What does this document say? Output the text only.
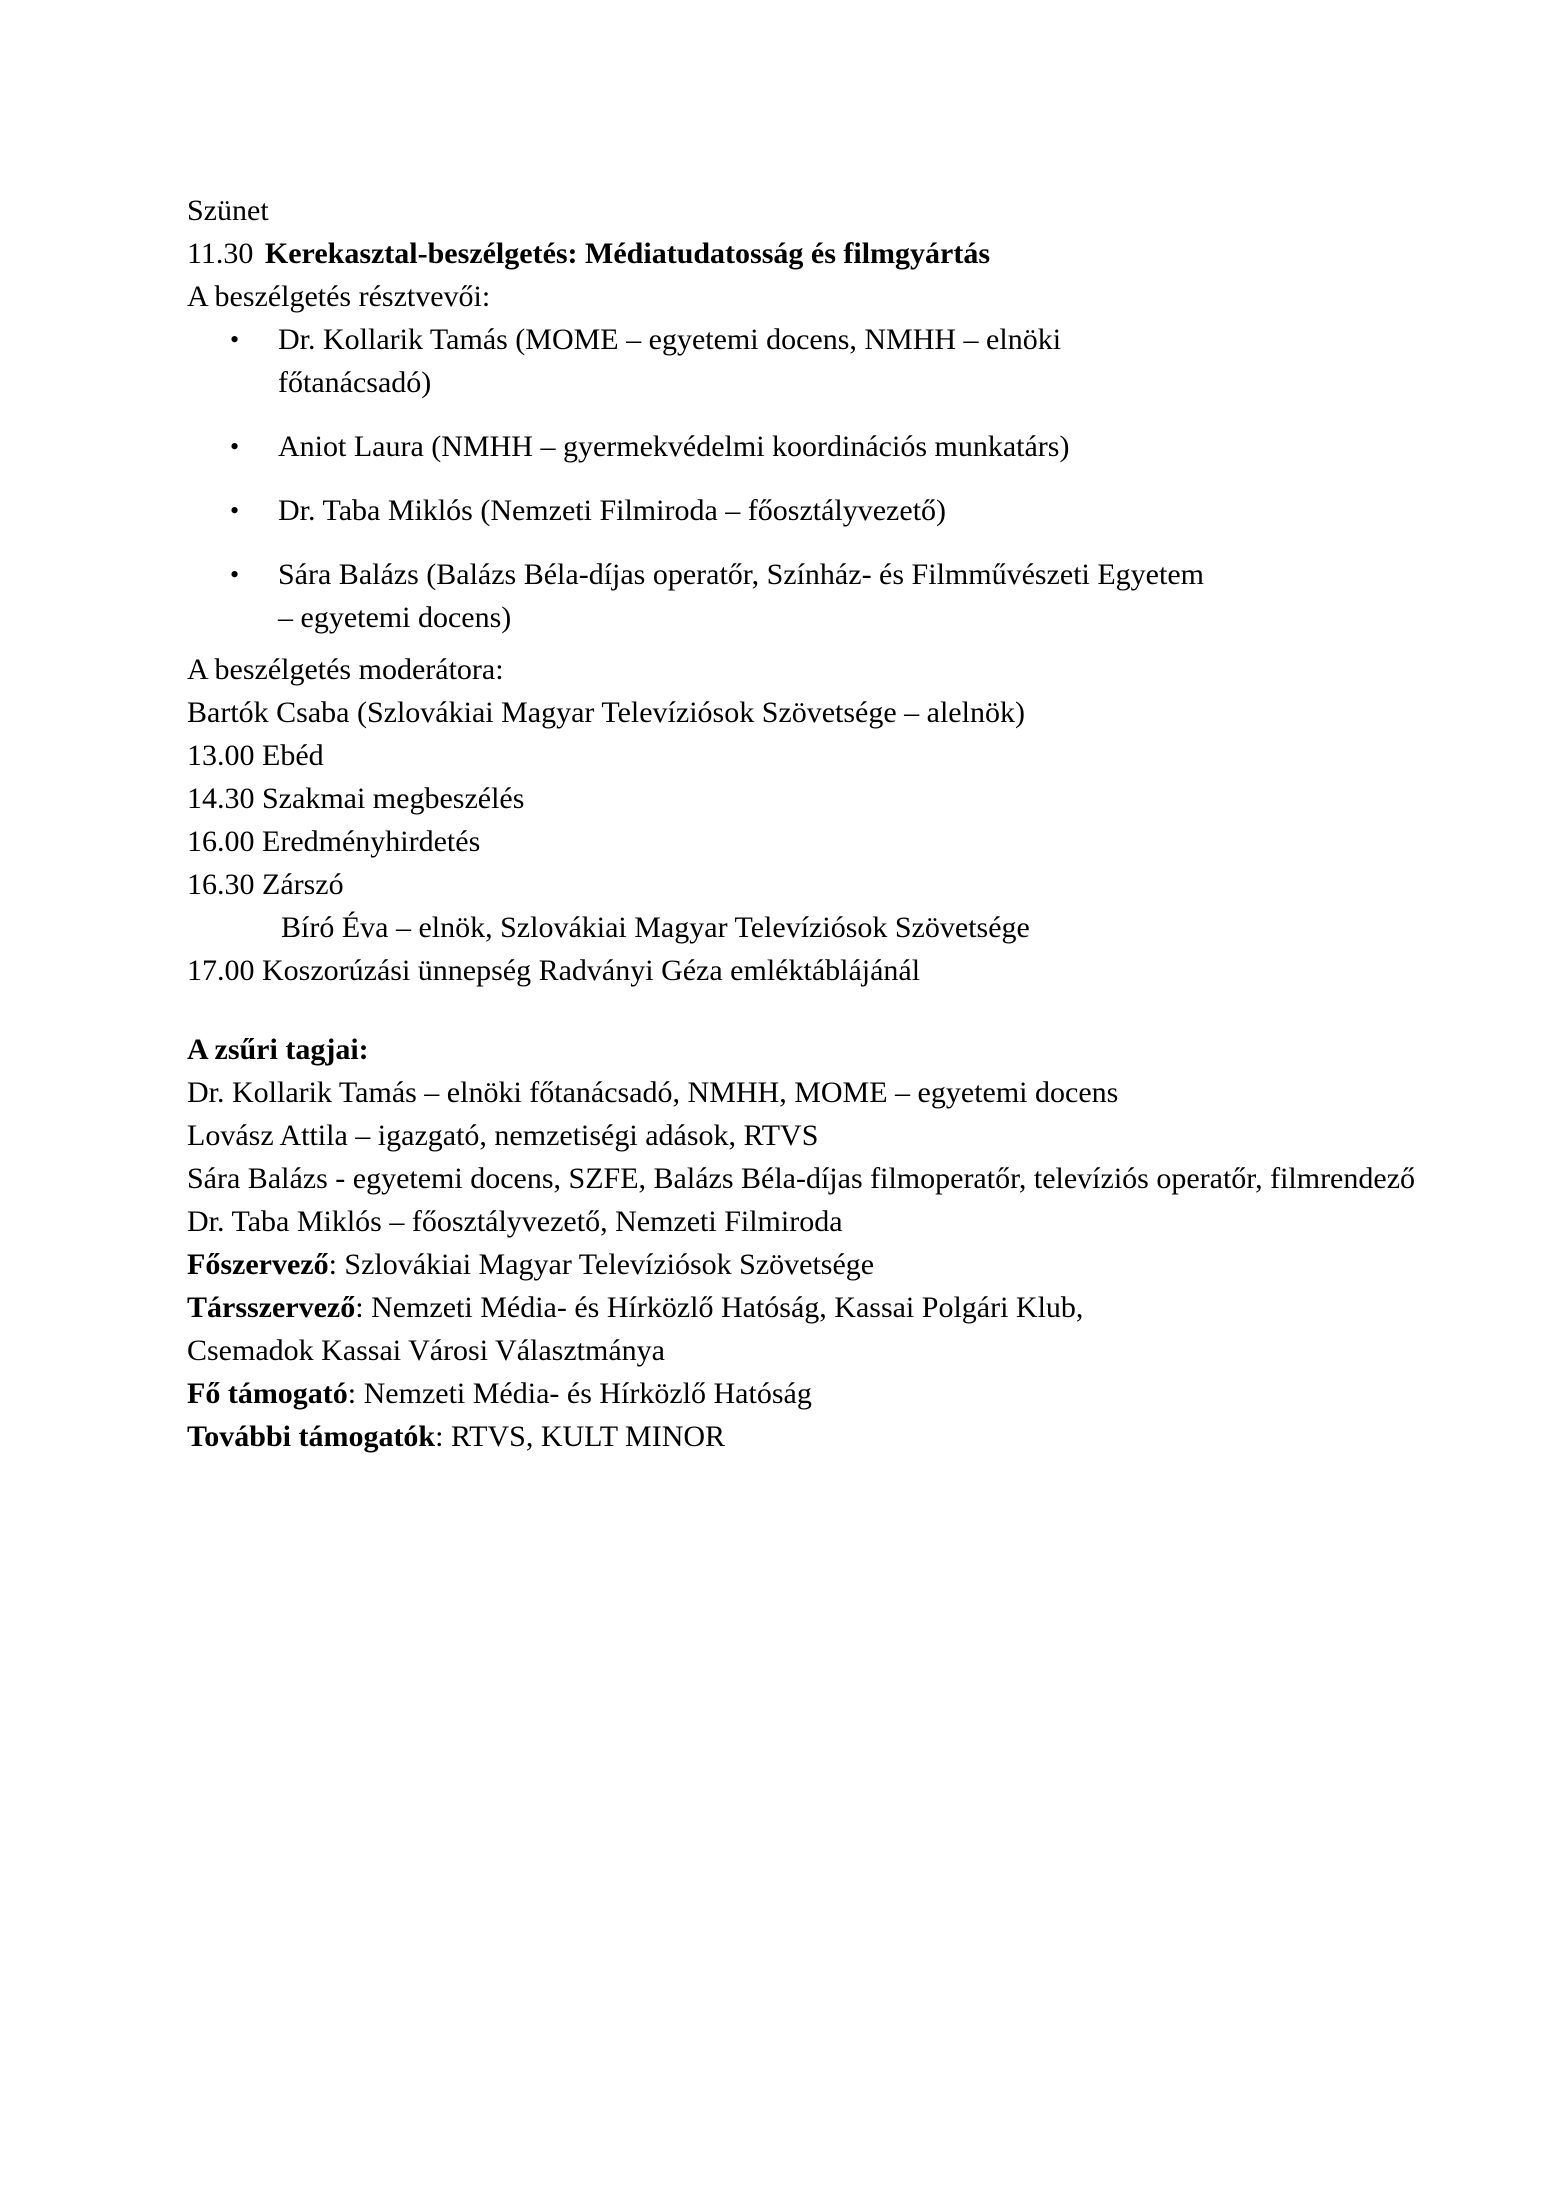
Szünet

11.30 Kerekasztal-beszélgetés: Médiatudatosság és filmgyártás

A beszélgetés résztvevői:

• Dr. Kollarik Tamás (MOME – egyetemi docens, NMHH – elnöki főtanácsadó)
• Aniot Laura (NMHH – gyermekvédelmi koordinációs munkatárs)
• Dr. Taba Miklós (Nemzeti Filmiroda – főosztályvezető)
• Sára Balázs (Balázs Béla-díjas operatőr, Színház- és Filmművészeti Egyetem – egyetemi docens)

A beszélgetés moderátora:

Bartók Csaba (Szlovákiai Magyar Televíziósok Szövetsége – alelnök)

13.00 Ebéd

14.30 Szakmai megbeszélés

16.00 Eredményhirdetés

16.30 Zárszó

Bíró Éva – elnök, Szlovákiai Magyar Televíziósok Szövetsége

17.00 Koszorúzási ünnepség Radványi Géza emléktáblájánál

A zsűri tagjai:

Dr. Kollarik Tamás – elnöki főtanácsadó, NMHH, MOME – egyetemi docens

Lovász Attila – igazgató, nemzetiségi adások, RTVS

Sára Balázs - egyetemi docens, SZFE, Balázs Béla-díjas filmoperatőr, televíziós operatőr, filmrendező

Dr. Taba Miklós – főosztályvezető, Nemzeti Filmiroda

Főszervező: Szlovákiai Magyar Televíziósok Szövetsége

Társszervező: Nemzeti Média- és Hírközlő Hatóság, Kassai Polgári Klub,

Csemadok Kassai Városi Választmánya

Fő támogató: Nemzeti Média- és Hírközlő Hatóság

További támogatók: RTVS, KULT MINOR
